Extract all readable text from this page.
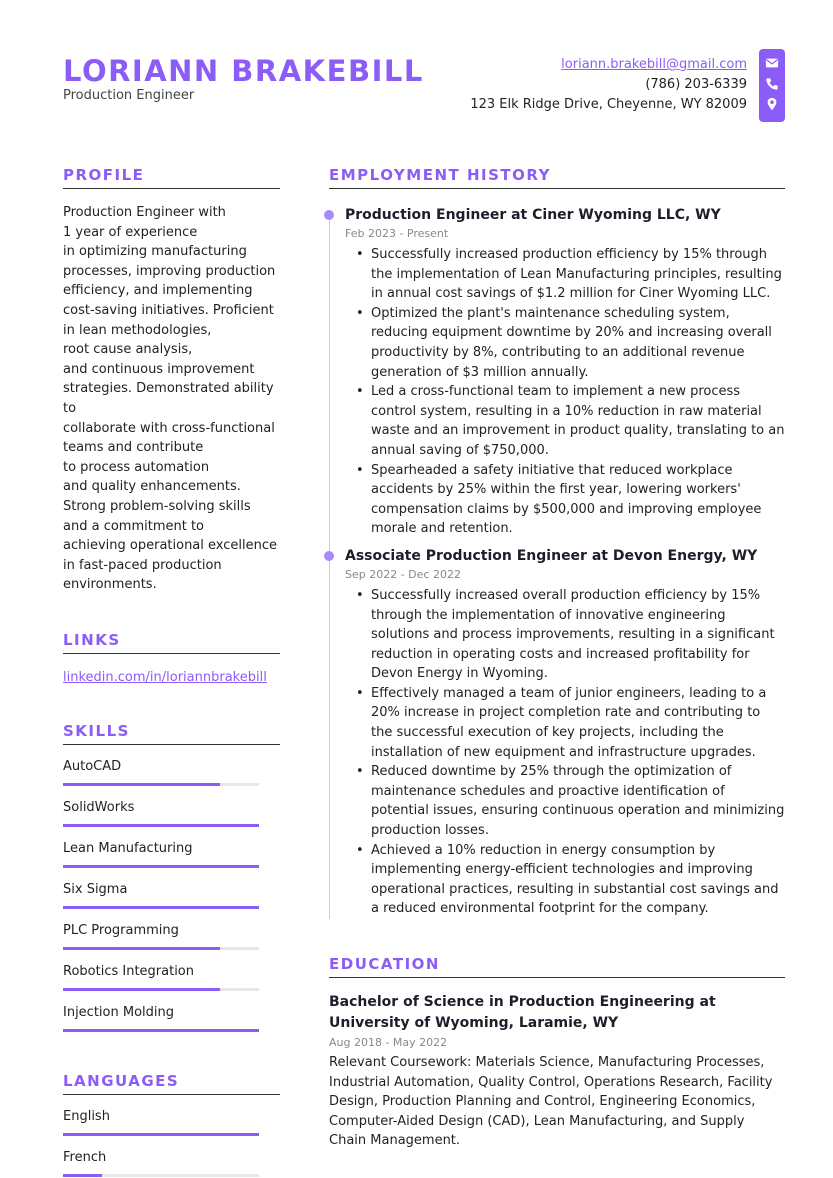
LORIANN BRAKEBILL
Production Engineer
loriann.brakebill@gmail.com
(786) 203-6339
123 Elk Ridge Drive, Cheyenne, WY 82009
PROFILE
Production Engineer with
1 year of experience
in optimizing manufacturing
processes, improving production
efficiency, and implementing
cost-saving initiatives. Proficient
in lean methodologies,
root cause analysis,
and continuous improvement
strategies. Demonstrated ability to
collaborate with cross-functional
teams and contribute
to process automation
and quality enhancements.
Strong problem-solving skills
and a commitment to
achieving operational excellence
in fast-paced production
environments.
LINKS
linkedin.com/in/loriannbrakebill
SKILLS
AutoCAD
SolidWorks
Lean Manufacturing
Six Sigma
PLC Programming
Robotics Integration
Injection Molding
LANGUAGES
English
French
EMPLOYMENT HISTORY
Production Engineer at Ciner Wyoming LLC, WY
Feb 2023 - Present
• Successfully increased production efficiency by 15% through the implementation of Lean Manufacturing principles, resulting in annual cost savings of $1.2 million for Ciner Wyoming LLC.
• Optimized the plant's maintenance scheduling system, reducing equipment downtime by 20% and increasing overall productivity by 8%, contributing to an additional revenue generation of $3 million annually.
• Led a cross-functional team to implement a new process control system, resulting in a 10% reduction in raw material waste and an improvement in product quality, translating to an annual saving of $750,000.
• Spearheaded a safety initiative that reduced workplace accidents by 25% within the first year, lowering workers' compensation claims by $500,000 and improving employee morale and retention.
Associate Production Engineer at Devon Energy, WY
Sep 2022 - Dec 2022
• Successfully increased overall production efficiency by 15% through the implementation of innovative engineering solutions and process improvements, resulting in a significant reduction in operating costs and increased profitability for Devon Energy in Wyoming.
• Effectively managed a team of junior engineers, leading to a 20% increase in project completion rate and contributing to the successful execution of key projects, including the installation of new equipment and infrastructure upgrades.
• Reduced downtime by 25% through the optimization of maintenance schedules and proactive identification of potential issues, ensuring continuous operation and minimizing production losses.
• Achieved a 10% reduction in energy consumption by implementing energy-efficient technologies and improving operational practices, resulting in substantial cost savings and a reduced environmental footprint for the company.
EDUCATION
Bachelor of Science in Production Engineering at University of Wyoming, Laramie, WY
Aug 2018 - May 2022
Relevant Coursework: Materials Science, Manufacturing Processes, Industrial Automation, Quality Control, Operations Research, Facility Design, Production Planning and Control, Engineering Economics, Computer-Aided Design (CAD), Lean Manufacturing, and Supply Chain Management.
